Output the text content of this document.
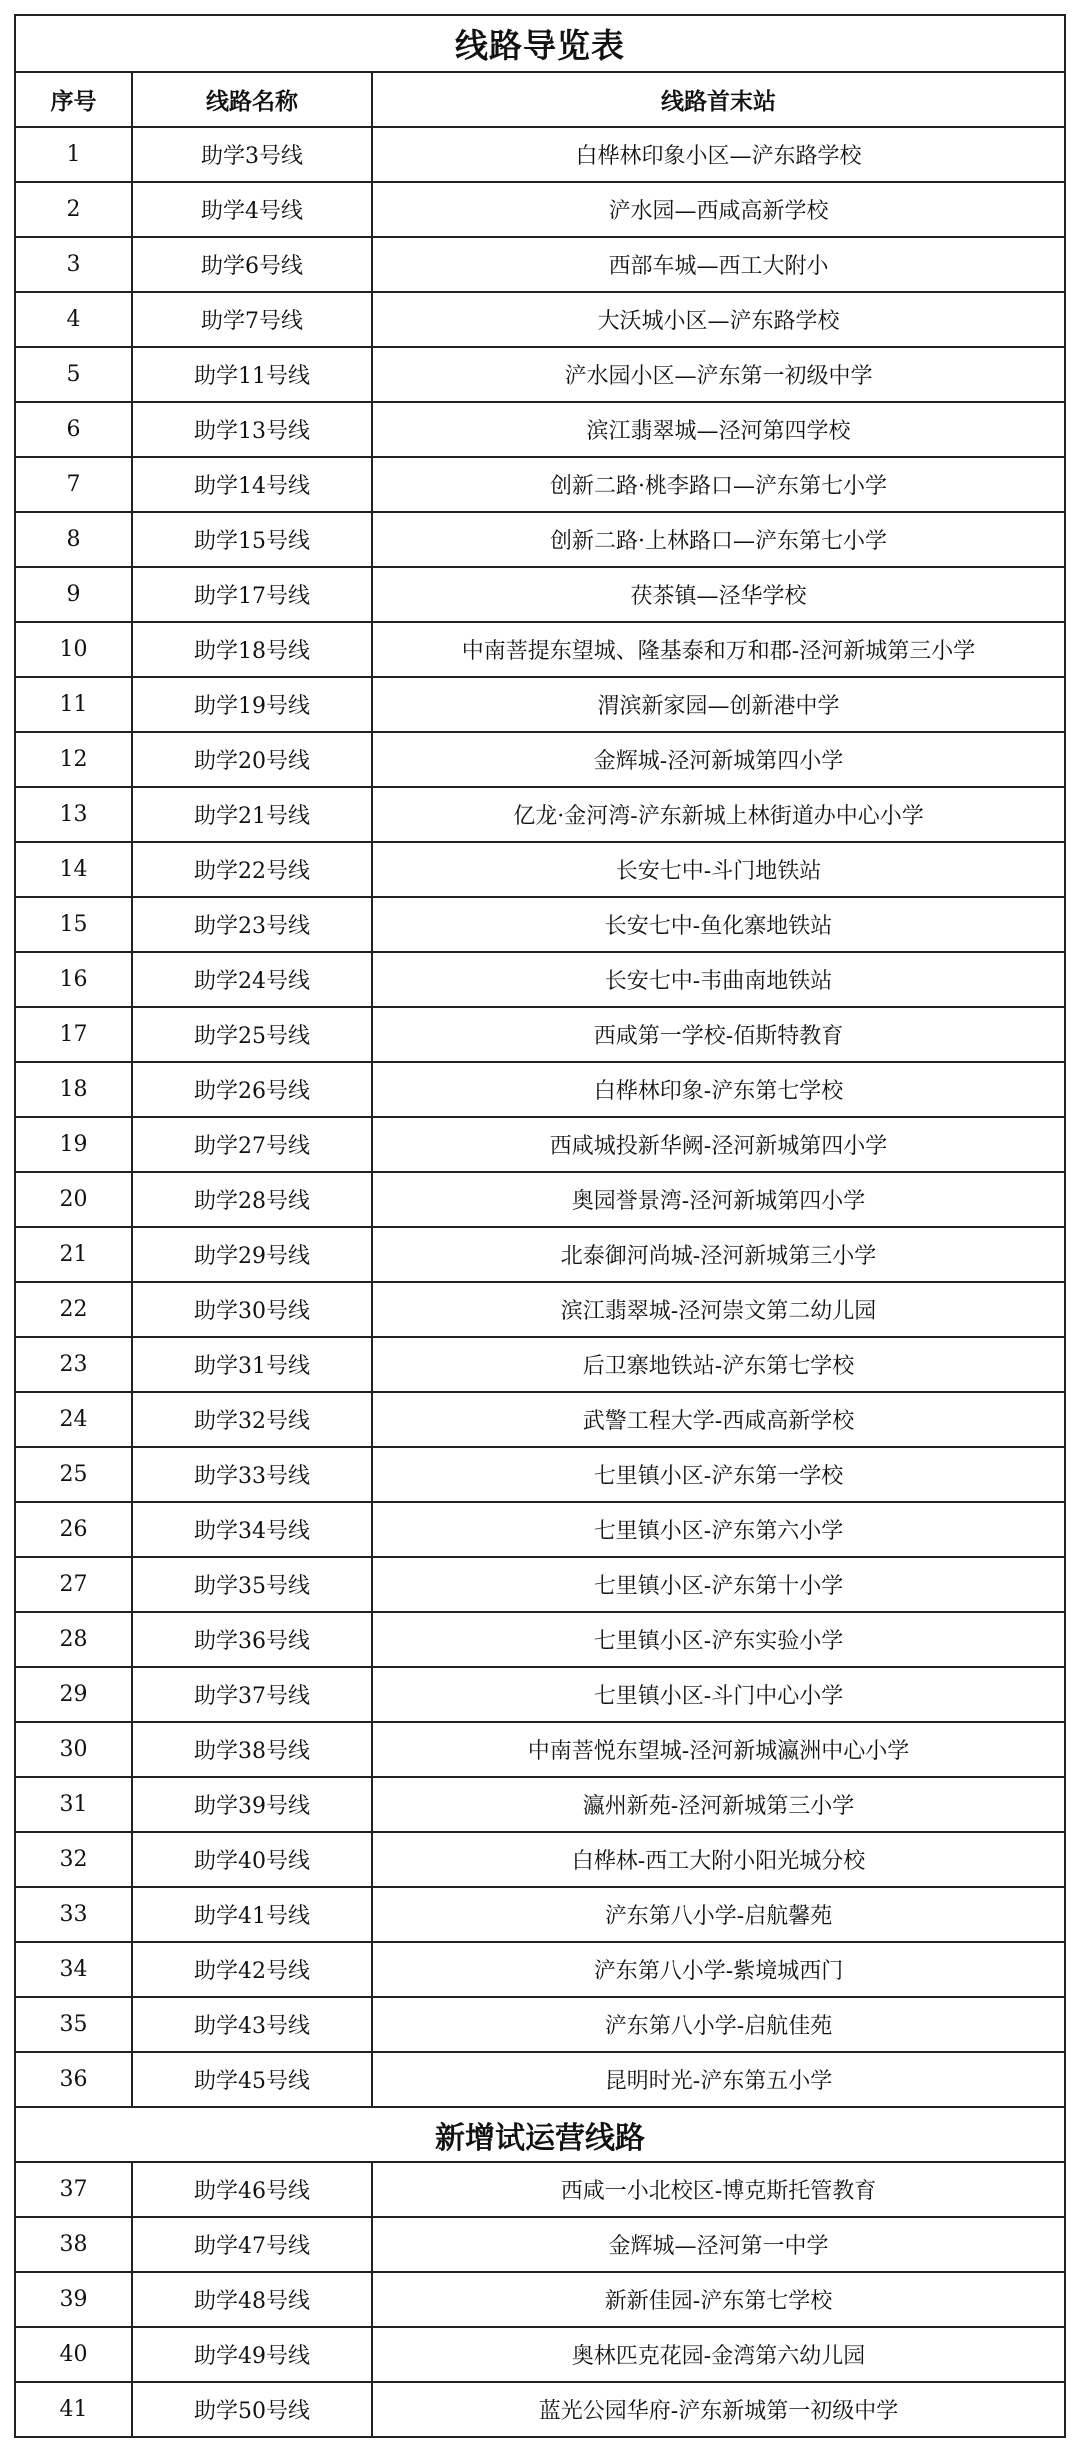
线路导览表		
序号	线路名称	线路首末站
1	助学3号线	白桦林印象小区—浐东路学校
2	助学4号线	浐水园—西咸高新学校
3	助学6号线	西部车城—西工大附小
4	助学7号线	大沃城小区—浐东路学校
5	助学11号线	浐水园小区—浐东第一初级中学
6	助学13号线	滨江翡翠城—泾河第四学校
7	助学14号线	创新二路·桃李路口—浐东第七小学
8	助学15号线	创新二路·上林路口—浐东第七小学
9	助学17号线	茯茶镇—泾华学校
10	助学18号线	中南菩提东望城、隆基泰和万和郡-泾河新城第三小学
11	助学19号线	渭滨新家园—创新港中学
12	助学20号线	金辉城-泾河新城第四小学
13	助学21号线	亿龙·金河湾-浐东新城上林街道办中心小学
14	助学22号线	长安七中-斗门地铁站
15	助学23号线	长安七中-鱼化寨地铁站
16	助学24号线	长安七中-韦曲南地铁站
17	助学25号线	西咸第一学校-佰斯特教育
18	助学26号线	白桦林印象-浐东第七学校
19	助学27号线	西咸城投新华阙-泾河新城第四小学
20	助学28号线	奥园誉景湾-泾河新城第四小学
21	助学29号线	北泰御河尚城-泾河新城第三小学
22	助学30号线	滨江翡翠城-泾河崇文第二幼儿园
23	助学31号线	后卫寨地铁站-浐东第七学校
24	助学32号线	武警工程大学-西咸高新学校
25	助学33号线	七里镇小区-浐东第一学校
26	助学34号线	七里镇小区-浐东第六小学
27	助学35号线	七里镇小区-浐东第十小学
28	助学36号线	七里镇小区-浐东实验小学
29	助学37号线	七里镇小区-斗门中心小学
30	助学38号线	中南菩悦东望城-泾河新城瀛洲中心小学
31	助学39号线	瀛州新苑-泾河新城第三小学
32	助学40号线	白桦林-西工大附小阳光城分校
33	助学41号线	浐东第八小学-启航馨苑
34	助学42号线	浐东第八小学-紫境城西门
35	助学43号线	浐东第八小学-启航佳苑
36	助学45号线	昆明时光-浐东第五小学
新增试运营线路		
37	助学46号线	西咸一小北校区-博克斯托管教育
38	助学47号线	金辉城—泾河第一中学
39	助学48号线	新新佳园-浐东第七学校
40	助学49号线	奥林匹克花园-金湾第六幼儿园
41	助学50号线	蓝光公园华府-浐东新城第一初级中学
